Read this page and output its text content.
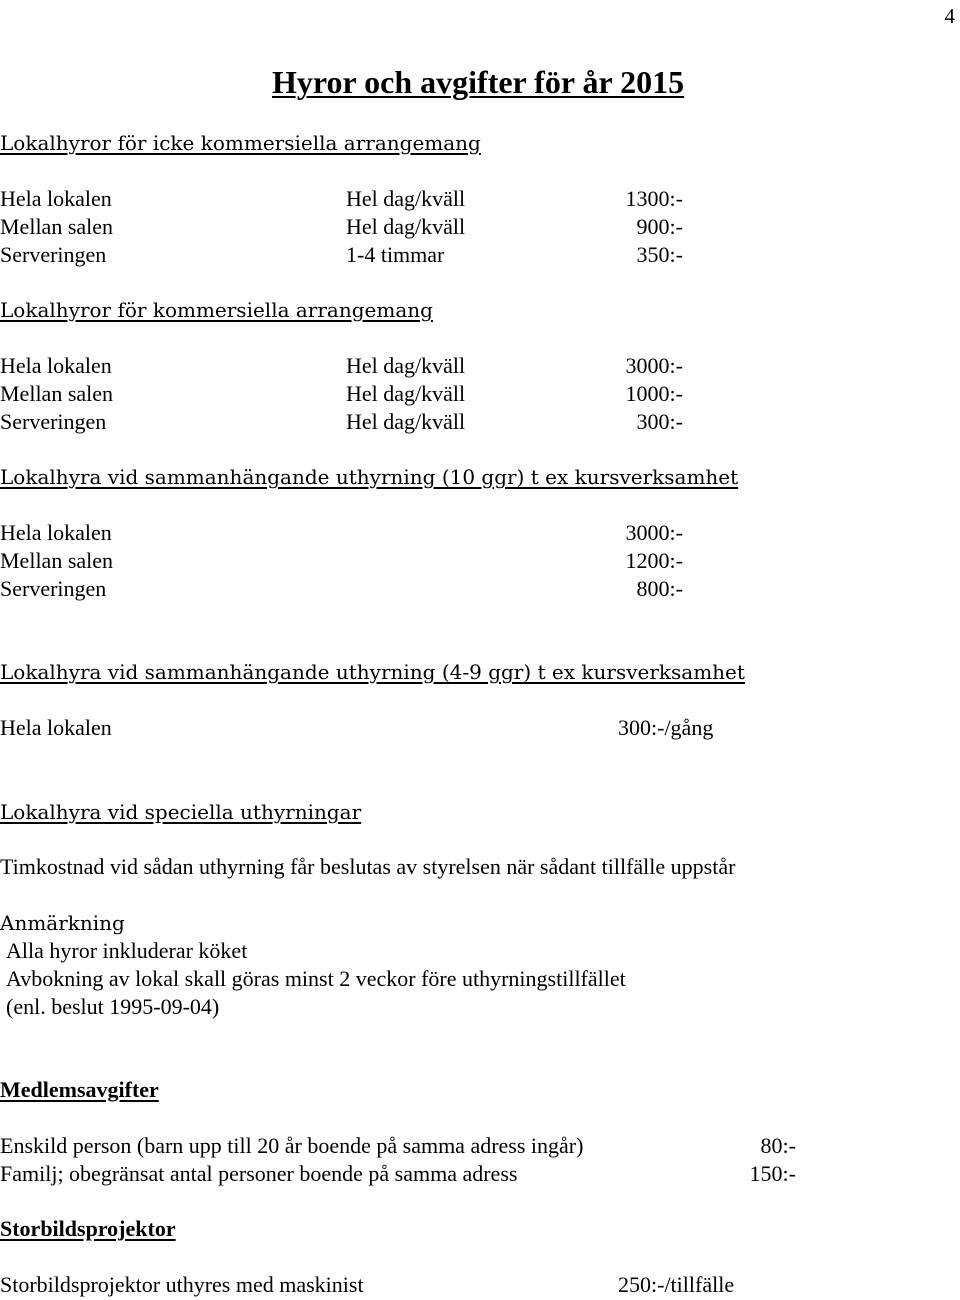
4
Hyror och avgifter för år 2015
Lokalhyror för icke kommersiella arrangemang
Hela lokalen	Hel dag/kväll	1300:-
Mellan salen	Hel dag/kväll	900:-
Serveringen	1-4 timmar	350:-
Lokalhyror för kommersiella arrangemang
Hela lokalen	Hel dag/kväll	3000:-
Mellan salen	Hel dag/kväll	1000:-
Serveringen	Hel dag/kväll	300:-
Lokalhyra vid sammanhängande uthyrning (10 ggr) t ex kursverksamhet
Hela lokalen	3000:-
Mellan salen	1200:-
Serveringen	800:-
Lokalhyra vid sammanhängande uthyrning (4-9 ggr) t ex kursverksamhet
Hela lokalen	300:-/gång
Lokalhyra vid speciella uthyrningar
Timkostnad vid sådan uthyrning får beslutas av styrelsen när sådant tillfälle uppstår
Anmärkning
Alla hyror inkluderar köket
Avbokning av lokal skall göras minst 2 veckor före uthyrningstillfället
(enl. beslut 1995-09-04)
Medlemsavgifter
Enskild person (barn upp till 20 år boende på samma adress ingår)	80:-
Familj; obegränsat antal personer boende på samma adress	150:-
Storbildsprojektor
Storbildsprojektor uthyres med maskinist	250:-/tillfälle
